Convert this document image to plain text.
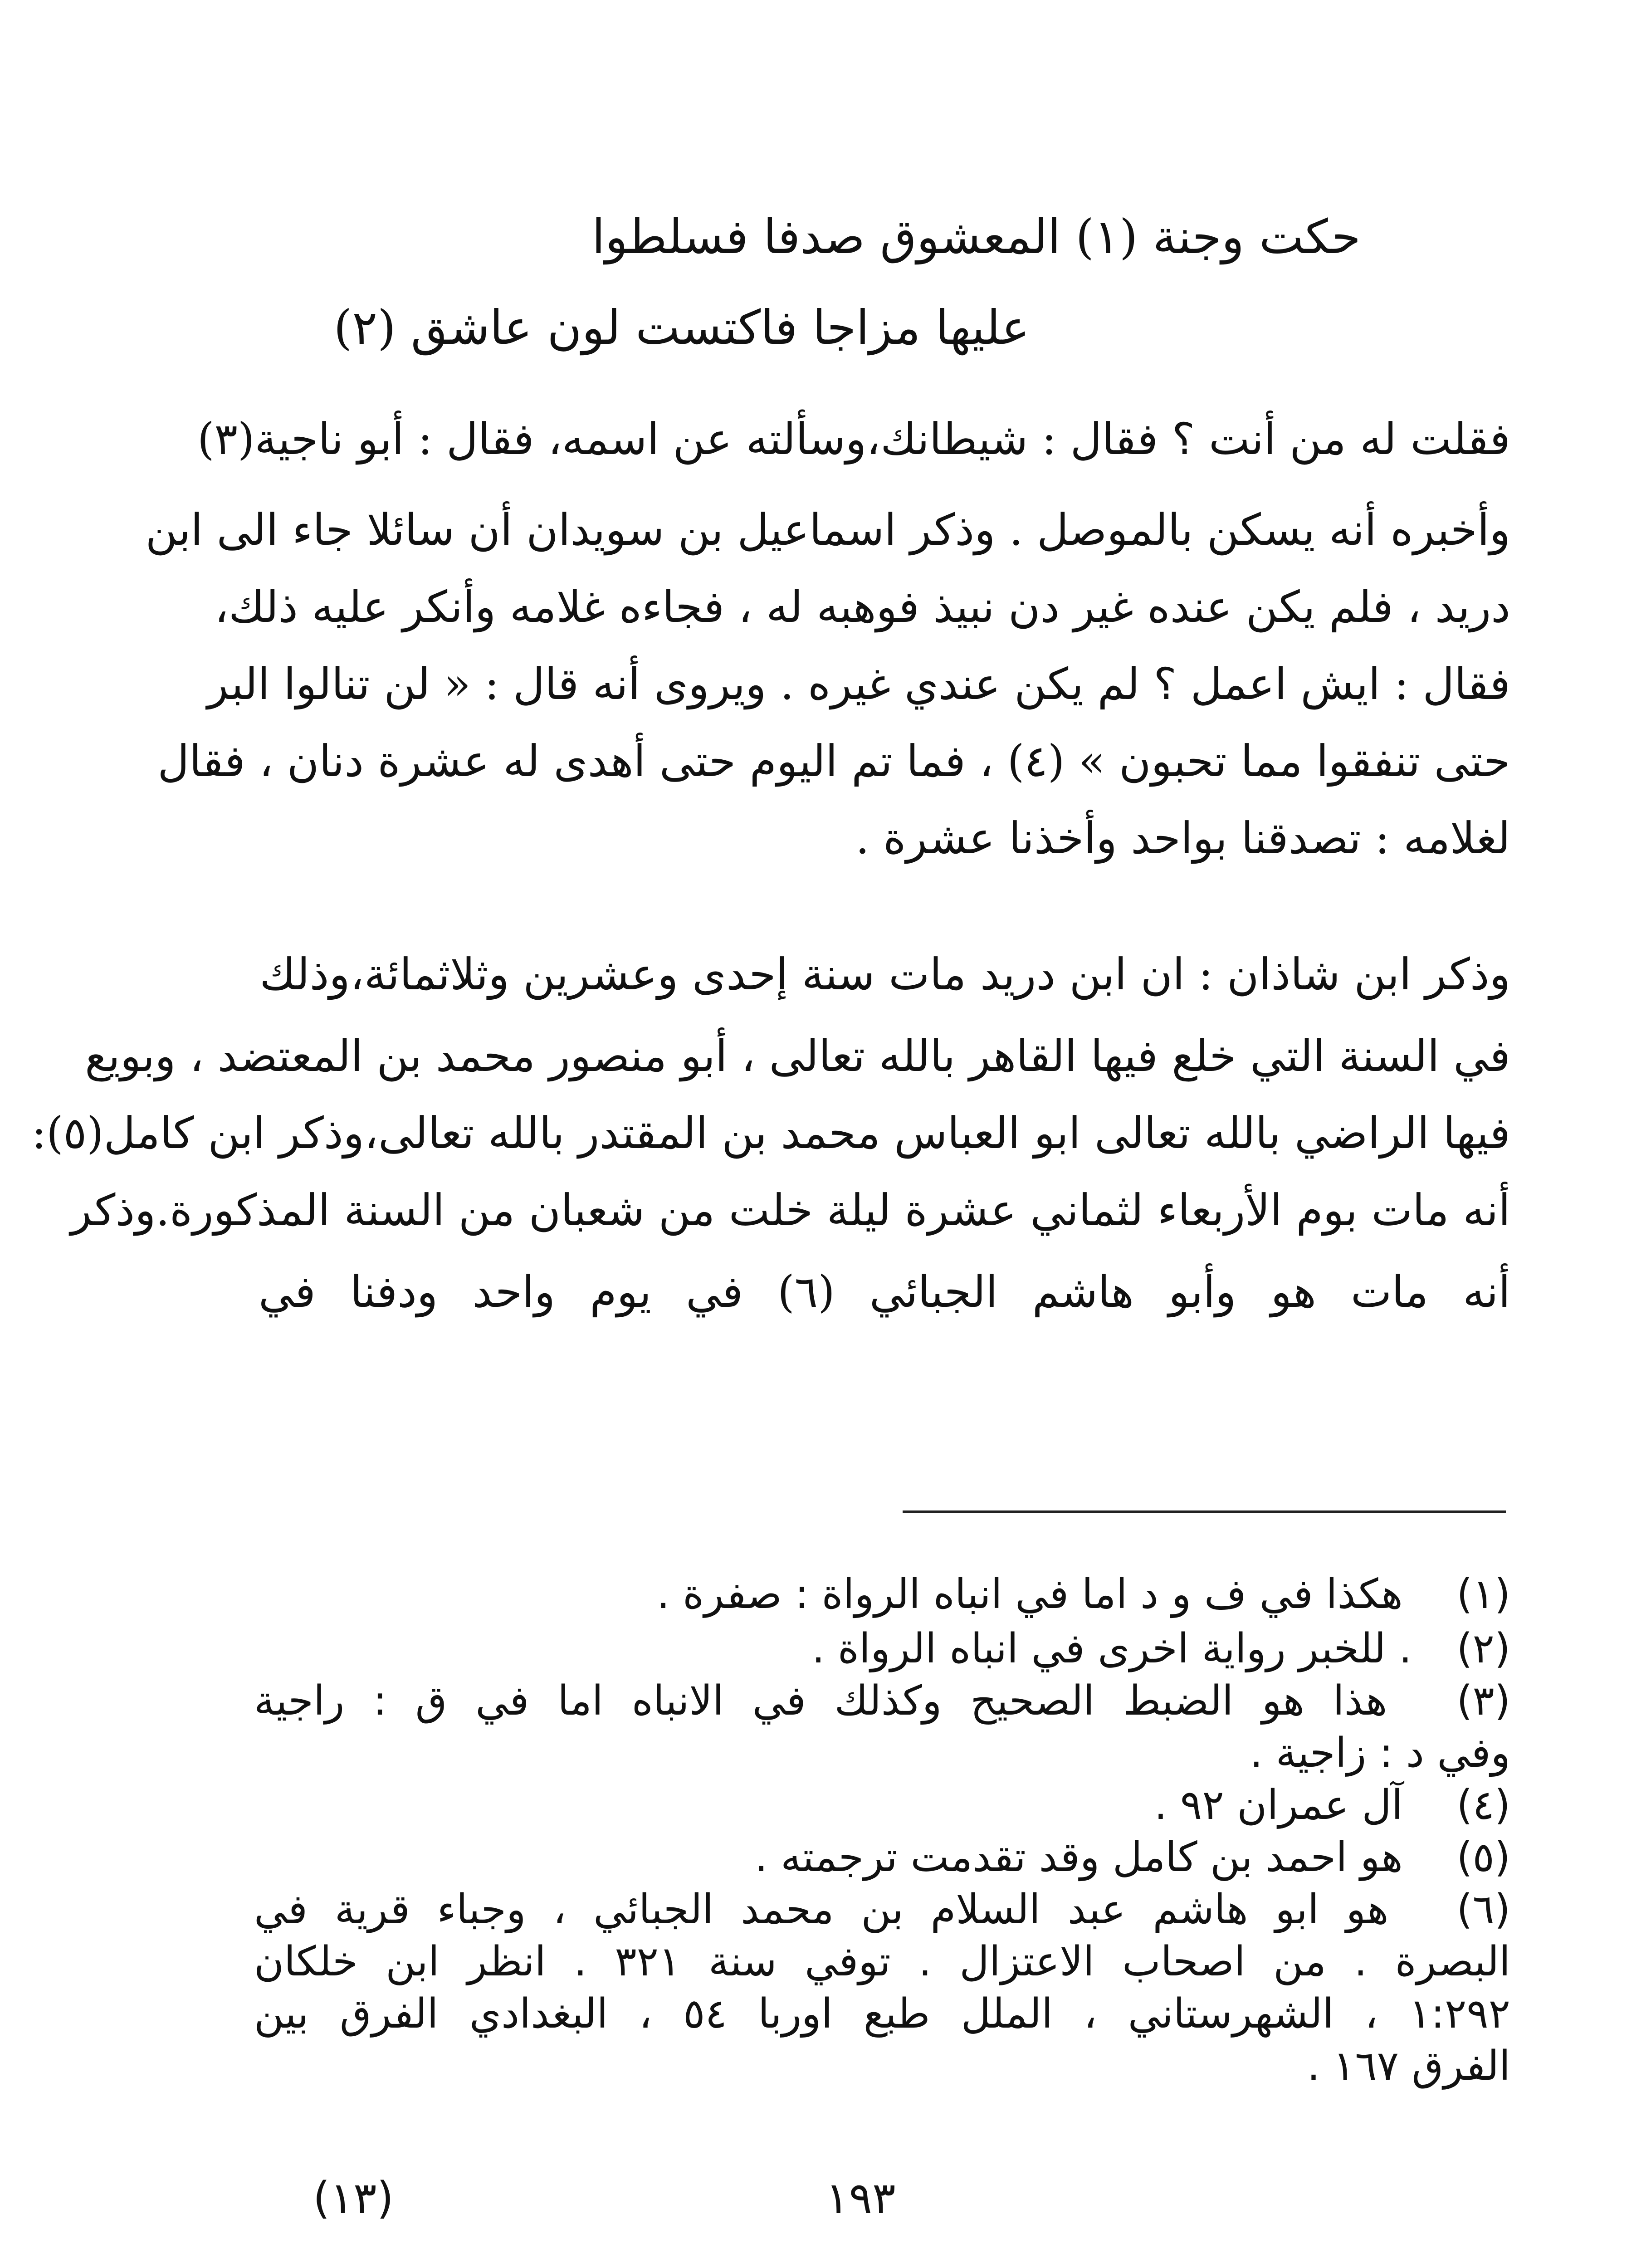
حكت وجنة (١) المعشوق صدفا فسلطوا
عليها مزاجا فاكتست لون عاشق (٢)
فقلت له من أنت ؟ فقال : شيطانك،وسألته عن اسمه، فقال : أبو ناجية(٣)
وأخبره أنه يسكن بالموصل . وذكر اسماعيل بن سويدان أن سائلا جاء الى ابن
دريد ، فلم يكن عنده غير دن نبيذ فوهبه له ، فجاءه غلامه وأنكر عليه ذلك،
فقال : ايش اعمل ؟ لم يكن عندي غيره . ويروى أنه قال : « لن تنالوا البر
حتى تنفقوا مما تحبون » (٤) ، فما تم اليوم حتى أهدى له عشرة دنان ، فقال
لغلامه : تصدقنا بواحد وأخذنا عشرة .
وذكر ابن شاذان : ان ابن دريد مات سنة إحدى وعشرين وثلاثمائة،وذلك
في السنة التي خلع فيها القاهر بالله تعالى ، أبو منصور محمد بن المعتضد ، وبويع
فيها الراضي بالله تعالى ابو العباس محمد بن المقتدر بالله تعالى،وذكر ابن كامل(٥):
أنه مات بوم الأربعاء لثماني عشرة ليلة خلت من شعبان من السنة المذكورة.وذكر
أنه مات هو وأبو هاشم الجبائي (٦) في يوم واحد ودفنا في
(١) هكذا في ف و د اما في انباه الرواة : صفرة .
(٢) . للخبر رواية اخرى في انباه الرواة .
(٣) هذا هو الضبط الصحيح وكذلك في الانباه اما في ق : راجية
وفي د : زاجية .
(٤) آل عمران ٩٢ .
(٥) هو احمد بن كامل وقد تقدمت ترجمته .
(٦) هو ابو هاشم عبد السلام بن محمد الجبائي ، وجباء قرية في
البصرة . من اصحاب الاعتزال . توفي سنة ٣٢١ . انظر ابن خلكان
١:٢٩٢ ، الشهرستاني ، الملل طبع اوربا ٥٤ ، البغدادي الفرق بين
الفرق ١٦٧ .
١٩٣
(١٣)
